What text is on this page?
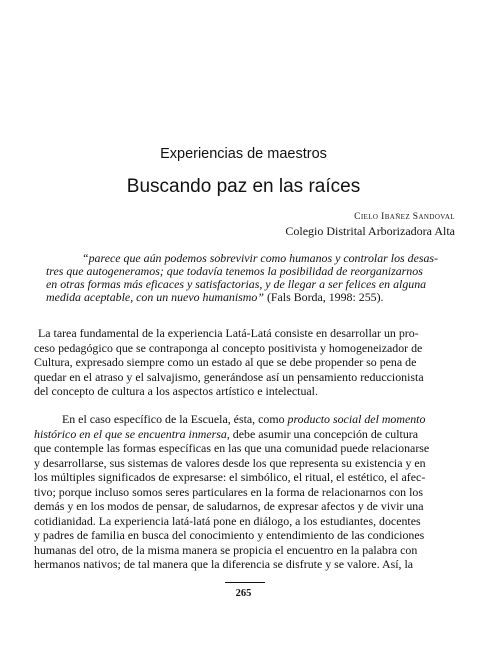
Experiencias de maestros
Buscando paz en las raíces
Cielo Ibañez Sandoval
Colegio Distrital Arborizadora Alta
“parece que aún podemos sobrevivir como humanos y controlar los desas-
tres que autogeneramos; que todavía tenemos la posibilidad de reorganizarnos
en otras formas más eficaces y satisfactorias, y de llegar a ser felices en alguna
medida aceptable, con un nuevo humanismo” (Fals Borda, 1998: 255).
La tarea fundamental de la experiencia Latá-Latá consiste en desarrollar un pro-
ceso pedagógico que se contraponga al concepto positivista y homogeneizador de
Cultura, expresado siempre como un estado al que se debe propender so pena de
quedar en el atraso y el salvajismo, generándose así un pensamiento reduccionista
del concepto de cultura a los aspectos artístico e intelectual.
En el caso específico de la Escuela, ésta, como producto social del momento
histórico en el que se encuentra inmersa, debe asumir una concepción de cultura
que contemple las formas específicas en las que una comunidad puede relacionarse
y desarrollarse, sus sistemas de valores desde los que representa su existencia y en
los múltiples significados de expresarse: el simbólico, el ritual, el estético, el afec-
tivo; porque incluso somos seres particulares en la forma de relacionarnos con los
demás y en los modos de pensar, de saludarnos, de expresar afectos y de vivir una
cotidianidad. La experiencia latá-latá pone en diálogo, a los estudiantes, docentes
y padres de familia en busca del conocimiento y entendimiento de las condiciones
humanas del otro, de la misma manera se propicia el encuentro en la palabra con
hermanos nativos; de tal manera que la diferencia se disfrute y se valore. Así, la
265
